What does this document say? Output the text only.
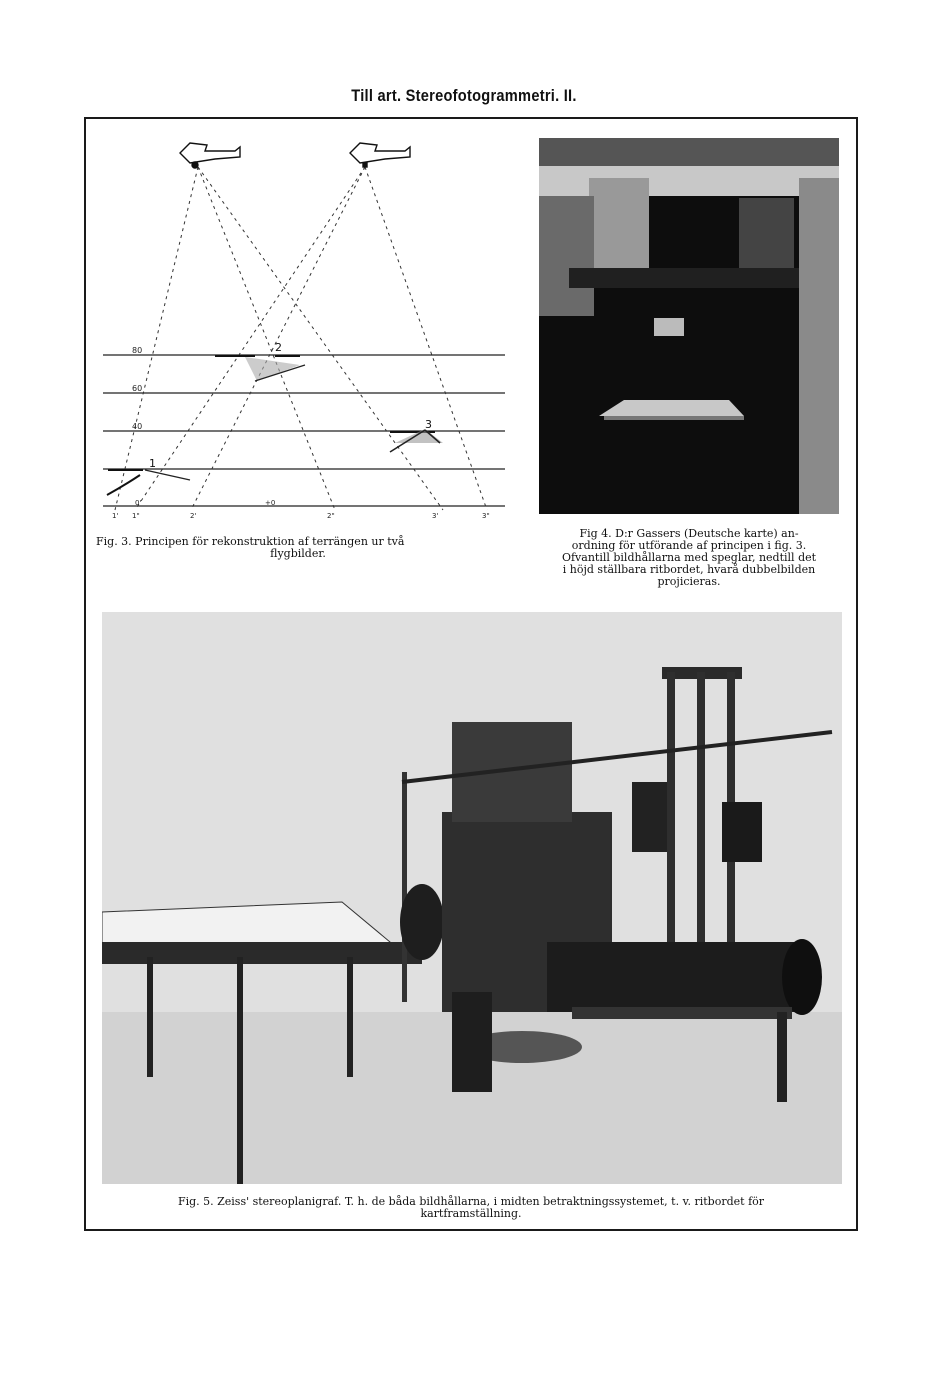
Till art. Stereofotogrammetri. II.
80
60
40
1
2
3
1' 1"	2'	2"	3'	3"
0'	+0
Fig. 3. Principen för rekonstruktion af terrängen ur två
flygbilder.
Fig 4. D:r Gassers (Deutsche karte) an-
ordning för utförande af principen i fig. 3.
Ofvantill bildhållarna med speglar, nedtill det
i höjd ställbara ritbordet, hvarå dubbelbilden
projicieras.
Fig. 5. Zeiss' stereoplanigraf. T. h. de båda bildhållarna, i midten betraktningssystemet, t. v. ritbordet för
kartframställning.
